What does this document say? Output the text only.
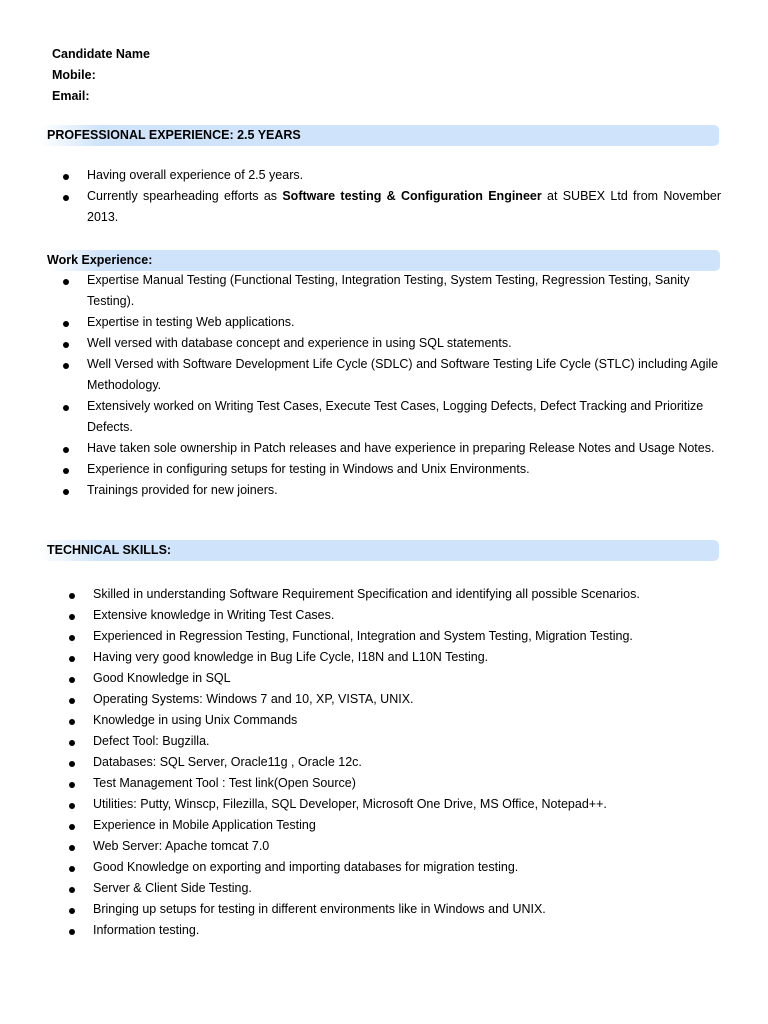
Candidate Name
Mobile:
Email:
PROFESSIONAL EXPERIENCE: 2.5 YEARS
Having overall experience of 2.5 years.
Currently spearheading efforts as Software testing & Configuration Engineer at SUBEX Ltd from November 2013.
Work Experience:
Expertise Manual Testing (Functional Testing, Integration Testing, System Testing, Regression Testing, Sanity Testing).
Expertise in testing Web applications.
Well versed with database concept and experience in using SQL statements.
Well Versed with Software Development Life Cycle (SDLC) and Software Testing Life Cycle (STLC) including Agile Methodology.
Extensively worked on Writing Test Cases, Execute Test Cases, Logging Defects, Defect Tracking and Prioritize Defects.
Have taken sole ownership in Patch releases and have experience in preparing Release Notes and Usage Notes.
Experience in configuring setups for testing in Windows and Unix Environments.
Trainings provided for new joiners.
TECHNICAL SKILLS:
Skilled in understanding Software Requirement Specification and identifying all possible Scenarios.
Extensive knowledge in Writing Test Cases.
Experienced in Regression Testing, Functional, Integration and System Testing, Migration Testing.
Having very good knowledge in Bug Life Cycle, I18N and L10N Testing.
Good Knowledge in SQL
Operating Systems: Windows 7 and 10, XP, VISTA, UNIX.
Knowledge in using Unix Commands
Defect Tool: Bugzilla.
Databases: SQL Server, Oracle11g , Oracle 12c.
Test Management Tool : Test link(Open Source)
Utilities: Putty, Winscp, Filezilla, SQL Developer, Microsoft One Drive, MS Office, Notepad++.
Experience in Mobile Application Testing
Web Server: Apache tomcat 7.0
Good Knowledge on exporting and importing databases for migration testing.
Server & Client Side Testing.
Bringing up setups for testing in different environments like in Windows and UNIX.
Information testing.
